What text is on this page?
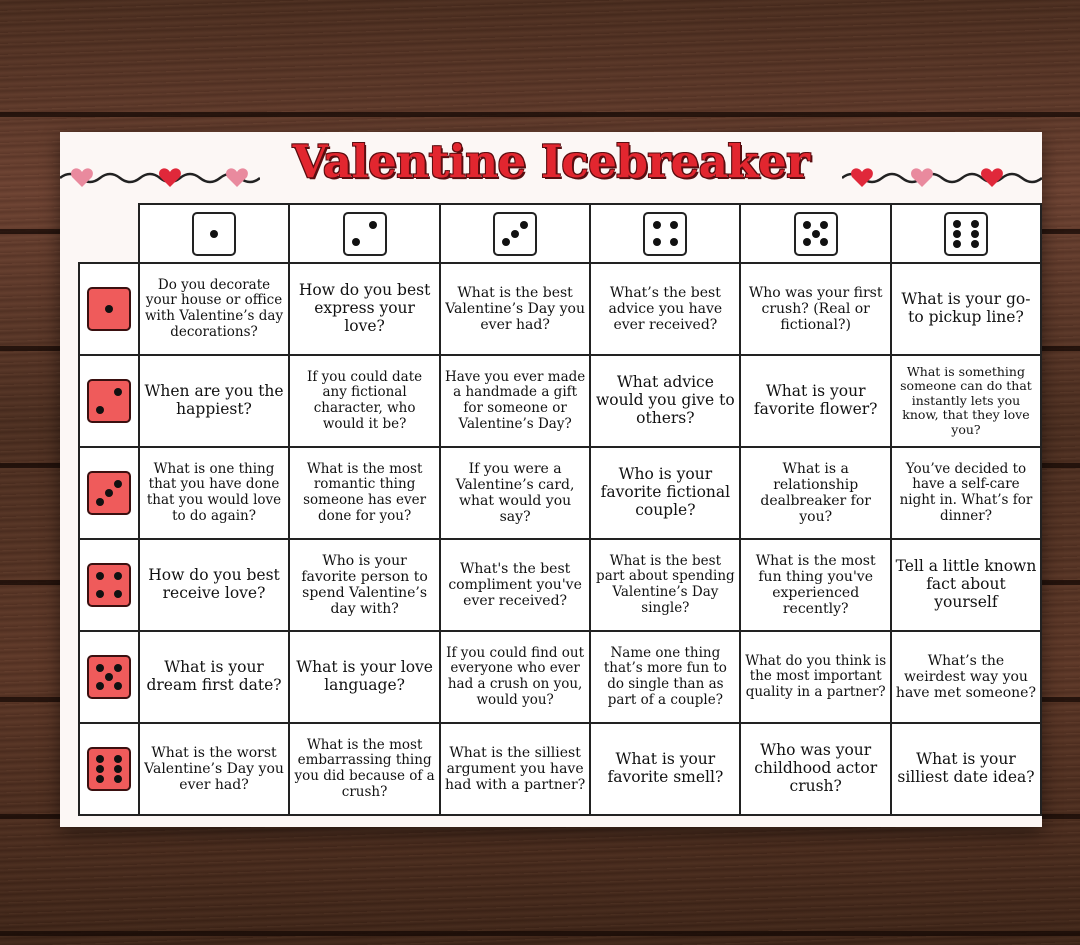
Valentine Icebreaker

	Do you decorate your house or office with Valentine’s day decorations?	How do you best express your love?	What is the best Valentine’s Day you ever had?	What’s the best advice you have ever received?	Who was your first crush? (Real or fictional?)	What is your go-to pickup line?

	When are you the happiest?	If you could date any fictional character, who would it be?	Have you ever made a handmade a gift for someone or Valentine’s Day?	What advice would you give to others?	What is your favorite flower?	What is something someone can do that instantly lets you know, that they love you?

	What is one thing that you have done that you would love to do again?	What is the most romantic thing someone has ever done for you?	If you were a Valentine’s card, what would you say?	Who is your favorite fictional couple?	What is a relationship dealbreaker for you?	You’ve decided to have a self-care night in. What’s for dinner?

	How do you best receive love?	Who is your favorite person to spend Valentine’s day with?	What's the best compliment you've ever received?	What is the best part about spending Valentine’s Day single?	What is the most fun thing you've experienced recently?	Tell a little known fact about yourself

	What is your dream first date?	What is your love language?	If you could find out everyone who ever had a crush on you, would you?	Name one thing that’s more fun to do single than as part of a couple?	What do you think is the most important quality in a partner?	What’s the weirdest way you have met someone?

	What is the worst Valentine’s Day you ever had?	What is the most embarrassing thing you did because of a crush?	What is the silliest argument you have had with a partner?	What is your favorite smell?	Who was your childhood actor crush?	What is your silliest date idea?
